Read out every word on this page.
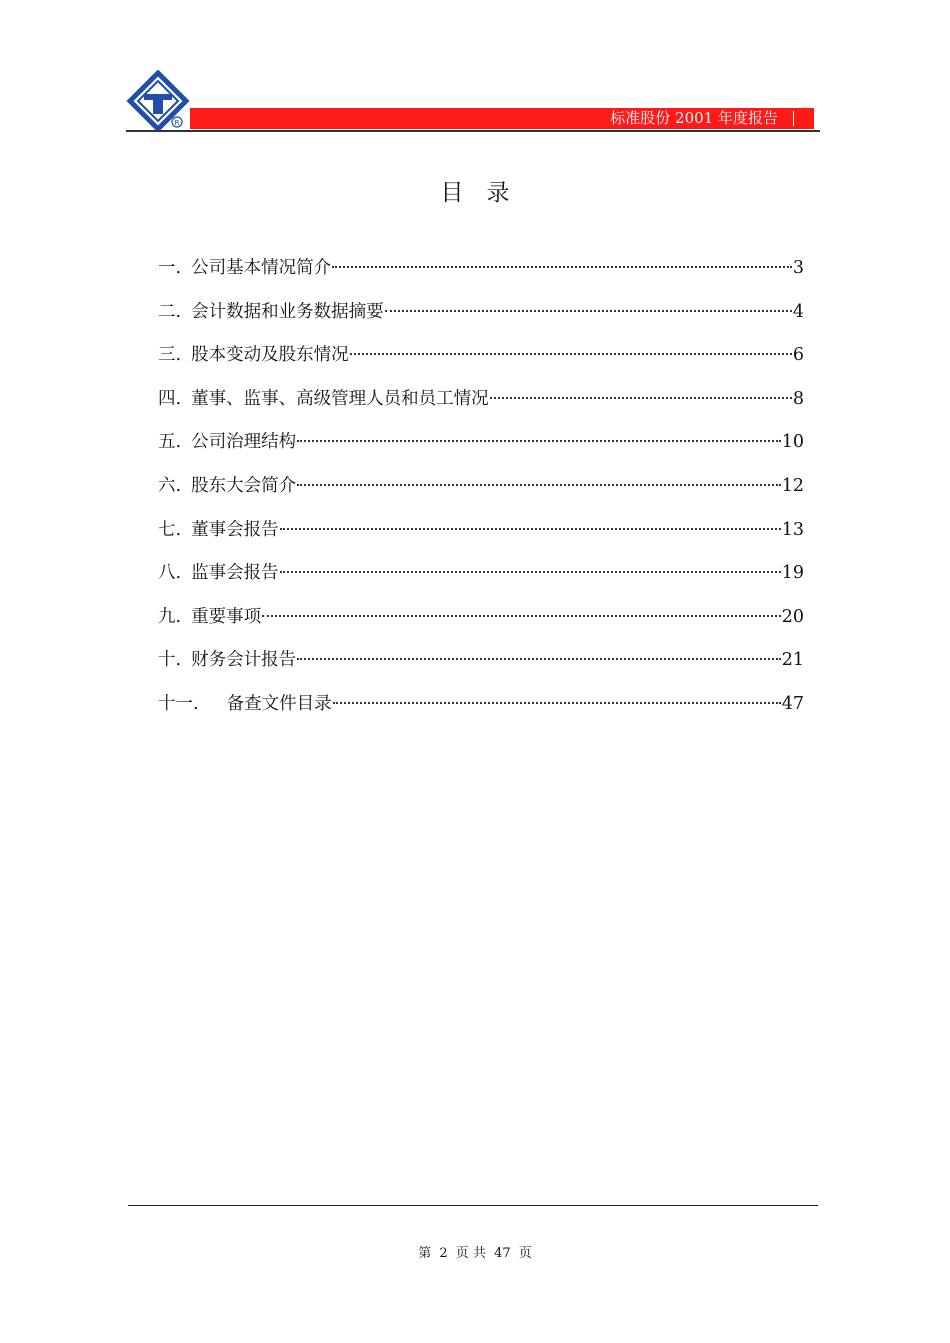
R	标准股份 2001 年度报告
目　录
一. 公司基本情况简介	3
二. 会计数据和业务数据摘要	4
三. 股本变动及股东情况	6
四. 董事、监事、高级管理人员和员工情况	8
五. 公司治理结构	10
六. 股东大会简介	12
七. 董事会报告	13
八. 监事会报告	19
九. 重要事项	20
十. 财务会计报告	21
十一. 备查文件目录	47
第 2 页 共 47 页
